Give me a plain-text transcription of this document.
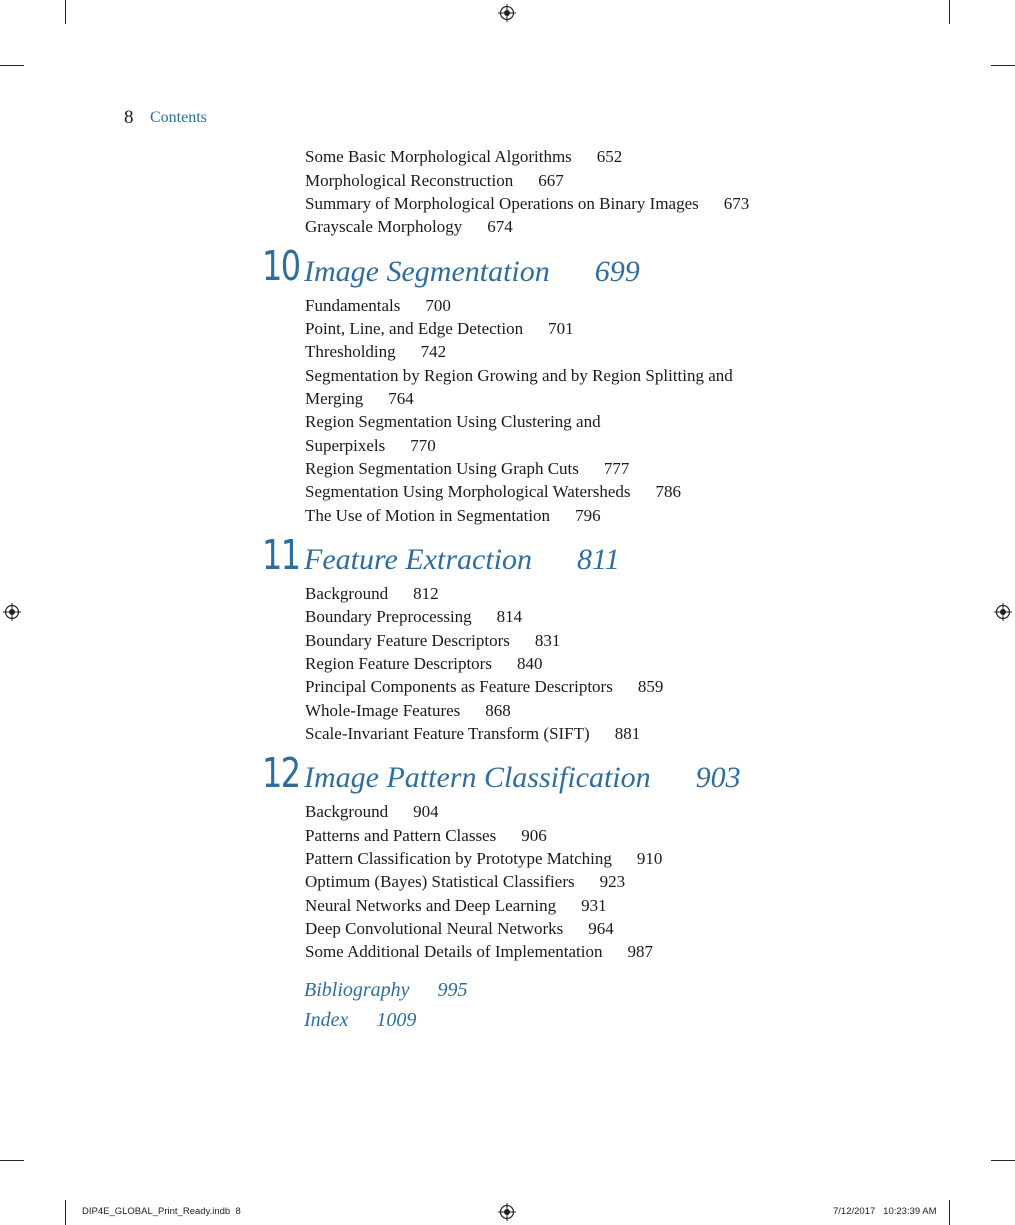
8 Contents
Some Basic Morphological Algorithms 652
Morphological Reconstruction 667
Summary of Morphological Operations on Binary Images 673
Grayscale Morphology 674
10 Image Segmentation 699
Fundamentals 700
Point, Line, and Edge Detection 701
Thresholding 742
Segmentation by Region Growing and by Region Splitting and
Merging 764
Region Segmentation Using Clustering and
Superpixels 770
Region Segmentation Using Graph Cuts 777
Segmentation Using Morphological Watersheds 786
The Use of Motion in Segmentation 796
11 Feature Extraction 811
Background 812
Boundary Preprocessing 814
Boundary Feature Descriptors 831
Region Feature Descriptors 840
Principal Components as Feature Descriptors 859
Whole-Image Features 868
Scale-Invariant Feature Transform (SIFT) 881
12 Image Pattern Classification 903
Background 904
Patterns and Pattern Classes 906
Pattern Classification by Prototype Matching 910
Optimum (Bayes) Statistical Classifiers 923
Neural Networks and Deep Learning 931
Deep Convolutional Neural Networks 964
Some Additional Details of Implementation 987
Bibliography 995
Index 1009
DIP4E_GLOBAL_Print_Ready.indb 8	7/12/2017   10:23:39 AM
